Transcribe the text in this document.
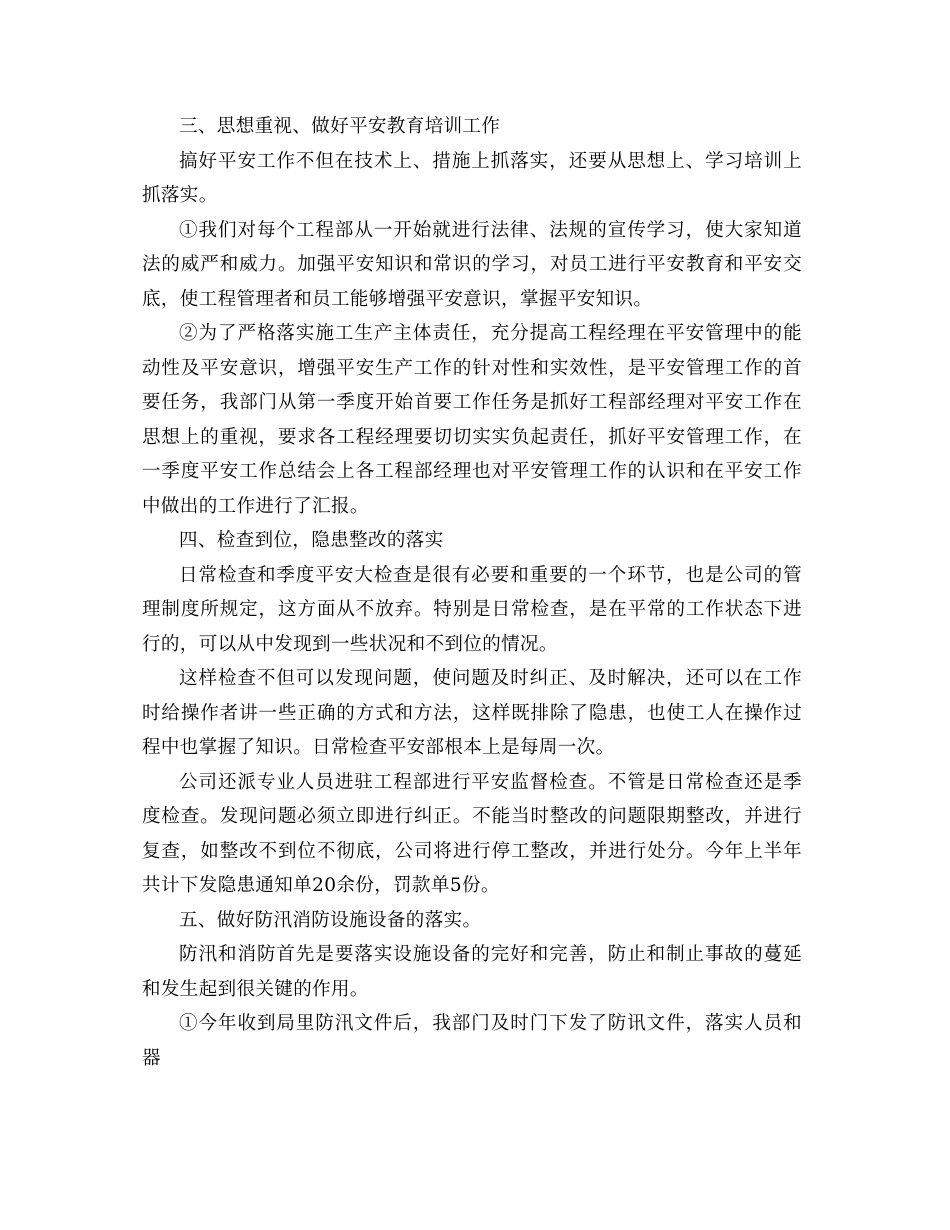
三、思想重视、做好平安教育培训工作

搞好平安工作不但在技术上、措施上抓落实，还要从思想上、学习培训上抓落实。

①我们对每个工程部从一开始就进行法律、法规的宣传学习，使大家知道法的威严和威力。加强平安知识和常识的学习，对员工进行平安教育和平安交底，使工程管理者和员工能够增强平安意识，掌握平安知识。

②为了严格落实施工生产主体责任，充分提高工程经理在平安管理中的能动性及平安意识，增强平安生产工作的针对性和实效性，是平安管理工作的首要任务，我部门从第一季度开始首要工作任务是抓好工程部经理对平安工作在思想上的重视，要求各工程经理要切切实实负起责任，抓好平安管理工作，在一季度平安工作总结会上各工程部经理也对平安管理工作的认识和在平安工作中做出的工作进行了汇报。

四、检查到位，隐患整改的落实

日常检查和季度平安大检查是很有必要和重要的一个环节，也是公司的管理制度所规定，这方面从不放弃。特别是日常检查，是在平常的工作状态下进行的，可以从中发现到一些状况和不到位的情况。

这样检查不但可以发现问题，使问题及时纠正、及时解决，还可以在工作时给操作者讲一些正确的方式和方法，这样既排除了隐患，也使工人在操作过程中也掌握了知识。日常检查平安部根本上是每周一次。

公司还派专业人员进驻工程部进行平安监督检查。不管是日常检查还是季度检查。发现问题必须立即进行纠正。不能当时整改的问题限期整改，并进行复查，如整改不到位不彻底，公司将进行停工整改，并进行处分。今年上半年共计下发隐患通知单20余份，罚款单5份。

五、做好防汛消防设施设备的落实。

防汛和消防首先是要落实设施设备的完好和完善，防止和制止事故的蔓延和发生起到很关键的作用。

①今年收到局里防汛文件后，我部门及时门下发了防讯文件，落实人员和器
